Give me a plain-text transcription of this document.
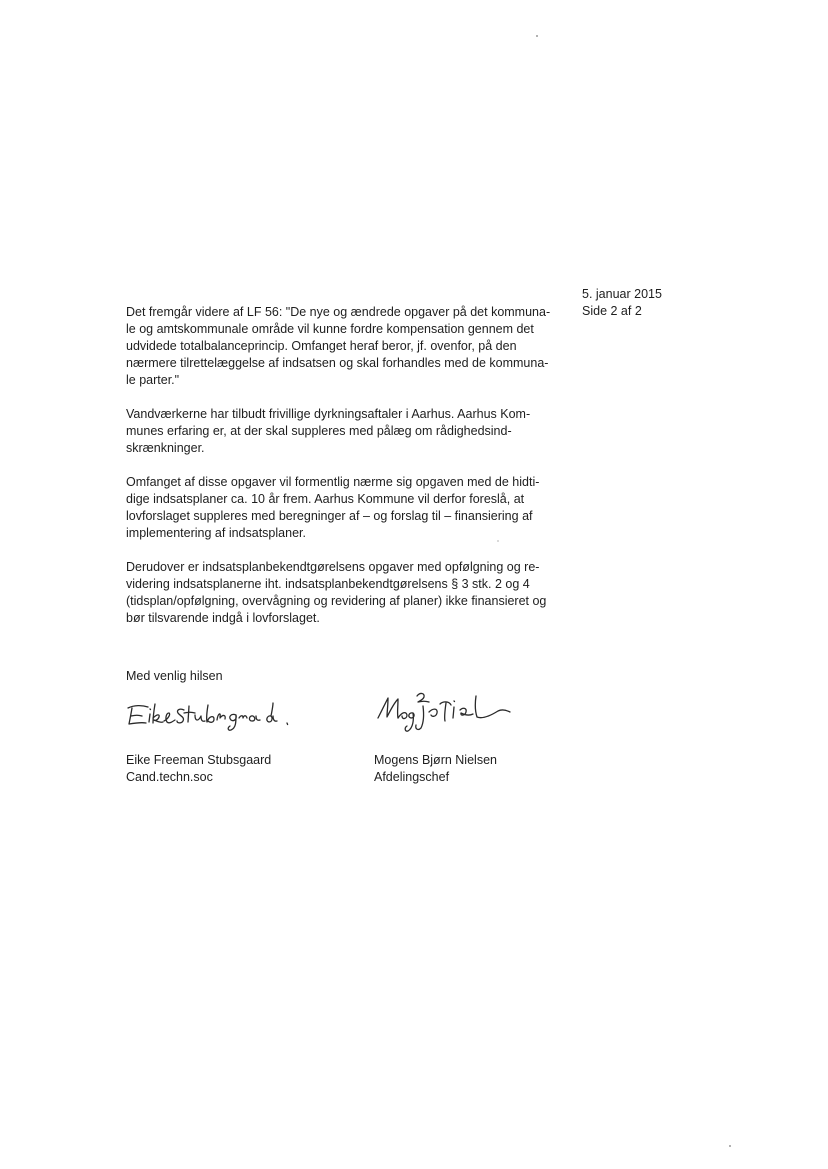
5. januar 2015
Side 2 af 2
Det fremgår videre af LF 56: "De nye og ændrede opgaver på det kommuna-
le og amtskommunale område vil kunne fordre kompensation gennem det
udvidede totalbalanceprincip. Omfanget heraf beror, jf. ovenfor, på den
nærmere tilrettelæggelse af indsatsen og skal forhandles med de kommuna-
le parter."
Vandværkerne har tilbudt frivillige dyrkningsaftaler i Aarhus. Aarhus Kom-
munes erfaring er, at der skal suppleres med pålæg om rådighedsind-
skrænkninger.
Omfanget af disse opgaver vil formentlig nærme sig opgaven med de hidti-
dige indsatsplaner ca. 10 år frem. Aarhus Kommune vil derfor foreslå, at
lovforslaget suppleres med beregninger af – og forslag til – finansiering af
implementering af indsatsplaner.
Derudover er indsatsplanbekendtgørelsens opgaver med opfølgning og re-
videring indsatsplanerne iht. indsatsplanbekendtgørelsens § 3 stk. 2 og 4
(tidsplan/opfølgning, overvågning og revidering af planer) ikke finansieret og
bør tilsvarende indgå i lovforslaget.
Med venlig hilsen
Eike Freeman Stubsgaard
Cand.techn.soc
Mogens Bjørn Nielsen
Afdelingschef
